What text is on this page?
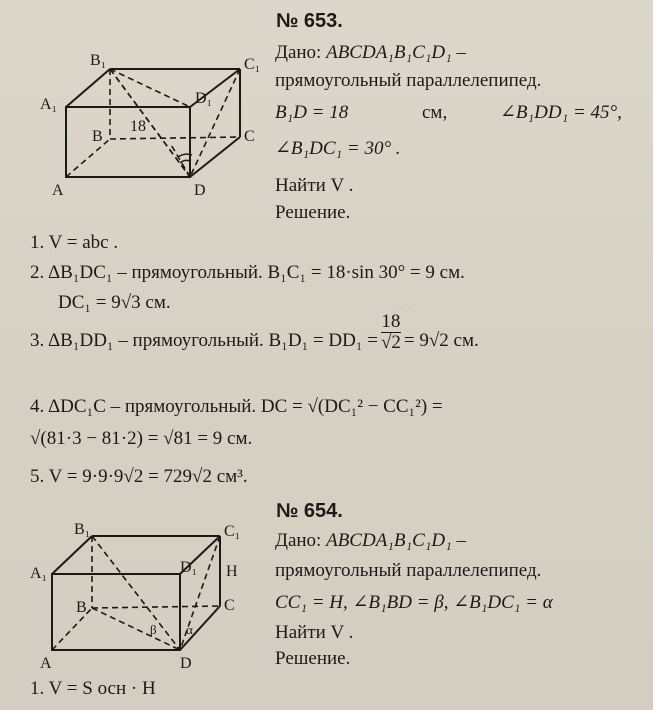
· · ·
№ 653.
B₁	C₁
A₁	D₁
B	C
A	D
18
Дано: ABCDA₁B₁C₁D₁ –
прямоугольный параллелепипед.
B₁D = 18	см,	∠B₁DD₁ = 45°,
∠B₁DC₁ = 30° .
Найти V .
Решение.
1. V = abc .
2. ΔB₁DC₁ – прямоугольный. B₁C₁ = 18·sin 30° = 9 см.
DC₁ = 9√3 см.
3. ΔB₁DD₁ – прямоугольный. $B_1D_1 = DD_1 = \frac{18}{√2} = 9√2$ см.
4. ΔDC₁C – прямоугольный. DC = √(DC₁² − CC₁²) =
√(81·3 − 81·2) = √81 = 9 см.
5. V = 9·9·9√2 = 729√2 см³.
№ 654.
B₁	C₁
A₁	D₁ H
B	C
A	D
β α
Дано: ABCDA₁B₁C₁D₁ –
прямоугольный параллелепипед.
CC₁ = H, ∠B₁BD = β, ∠B₁DC₁ = α
Найти V .
Решение.
1. V = S осн · H
